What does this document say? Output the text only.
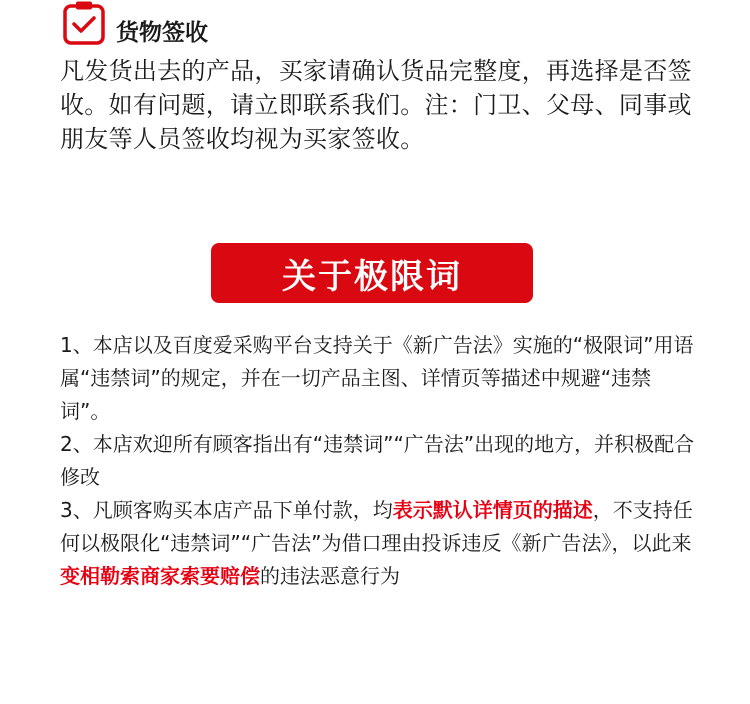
货物签收
凡发货出去的产品，买家请确认货品完整度，再选择是否签收。如有问题，请立即联系我们。注：门卫、父母、同事或朋友等人员签收均视为买家签收。
关于极限词

1、本店以及百度爱采购平台支持关于《新广告法》实施的“极限词”用语属“违禁词”的规定，并在一切产品主图、详情页等描述中规避“违禁词”。

2、本店欢迎所有顾客指出有“违禁词”“广告法”出现的地方，并积极配合修改

3、凡顾客购买本店产品下单付款，均表示默认详情页的描述，不支持任何以极限化“违禁词”“广告法”为借口理由投诉违反《新广告法》，以此来变相勒索商家索要赔偿的违法恶意行为
